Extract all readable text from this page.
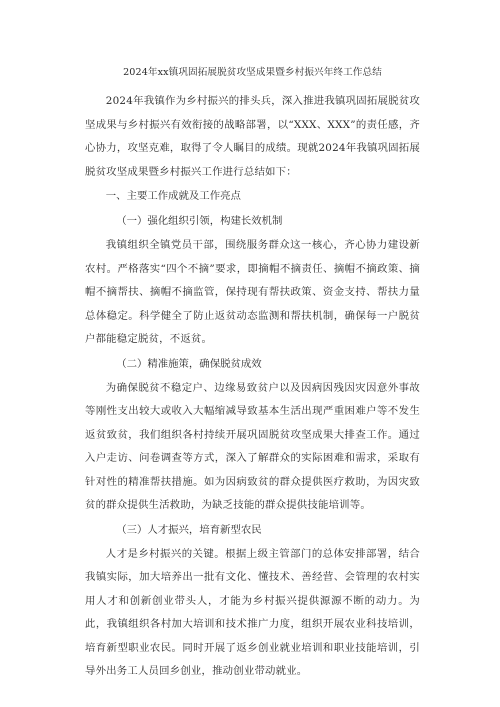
2024年xx镇巩固拓展脱贫攻坚成果暨乡村振兴年终工作总结

2024年我镇作为乡村振兴的排头兵，深入推进我镇巩固拓展脱贫攻坚成果与乡村振兴有效衔接的战略部署，以“XXX、XXX”的责任感，齐心协力，攻坚克难，取得了令人瞩目的成绩。现就2024年我镇巩固拓展脱贫攻坚成果暨乡村振兴工作进行总结如下：

一、主要工作成就及工作亮点

（一）强化组织引领，构建长效机制

我镇组织全镇党员干部，围绕服务群众这一核心，齐心协力建设新农村。严格落实“四个不摘”要求，即摘帽不摘责任、摘帽不摘政策、摘帽不摘帮扶、摘帽不摘监管，保持现有帮扶政策、资金支持、帮扶力量总体稳定。科学健全了防止返贫动态监测和帮扶机制，确保每一户脱贫户都能稳定脱贫，不返贫。

（二）精准施策，确保脱贫成效

为确保脱贫不稳定户、边缘易致贫户以及因病因残因灾因意外事故等刚性支出较大或收入大幅缩减导致基本生活出现严重困难户等不发生返贫致贫，我们组织各村持续开展巩固脱贫攻坚成果大排查工作。通过入户走访、问卷调查等方式，深入了解群众的实际困难和需求，采取有针对性的精准帮扶措施。如为因病致贫的群众提供医疗救助，为因灾致贫的群众提供生活救助，为缺乏技能的群众提供技能培训等。

（三）人才振兴，培育新型农民

人才是乡村振兴的关键。根据上级主管部门的总体安排部署，结合我镇实际，加大培养出一批有文化、懂技术、善经营、会管理的农村实用人才和创新创业带头人，才能为乡村振兴提供源源不断的动力。为此，我镇组织各村加大培训和技术推广力度，组织开展农业科技培训，培育新型职业农民。同时开展了返乡创业就业培训和职业技能培训，引导外出务工人员回乡创业，推动创业带动就业。
